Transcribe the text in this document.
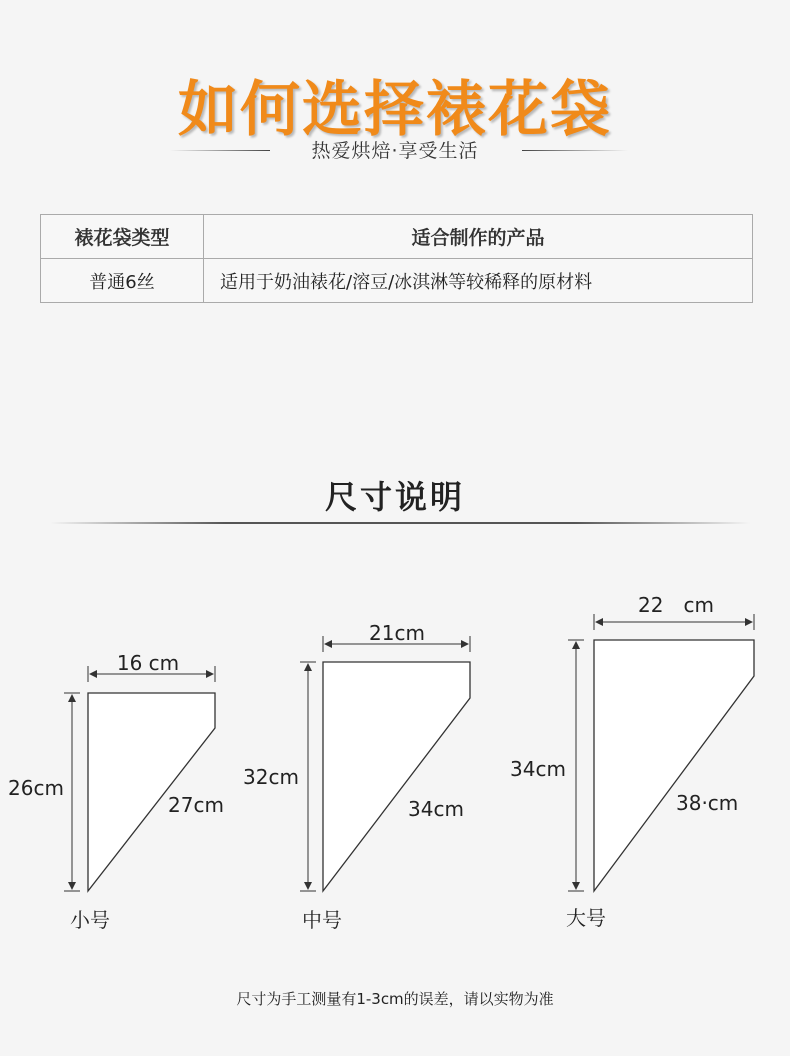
如何选择裱花袋
热爱烘焙·享受生活
裱花袋类型	适合制作的产品
普通6丝	适用于奶油裱花/溶豆/冰淇淋等较稀释的原材料
尺寸说明
16 cm
26cm
27cm
小号
21cm
32cm
34cm
中号
22　cm
34cm
38·cm
大号
尺寸为手工测量有1-3cm的误差，请以实物为准
